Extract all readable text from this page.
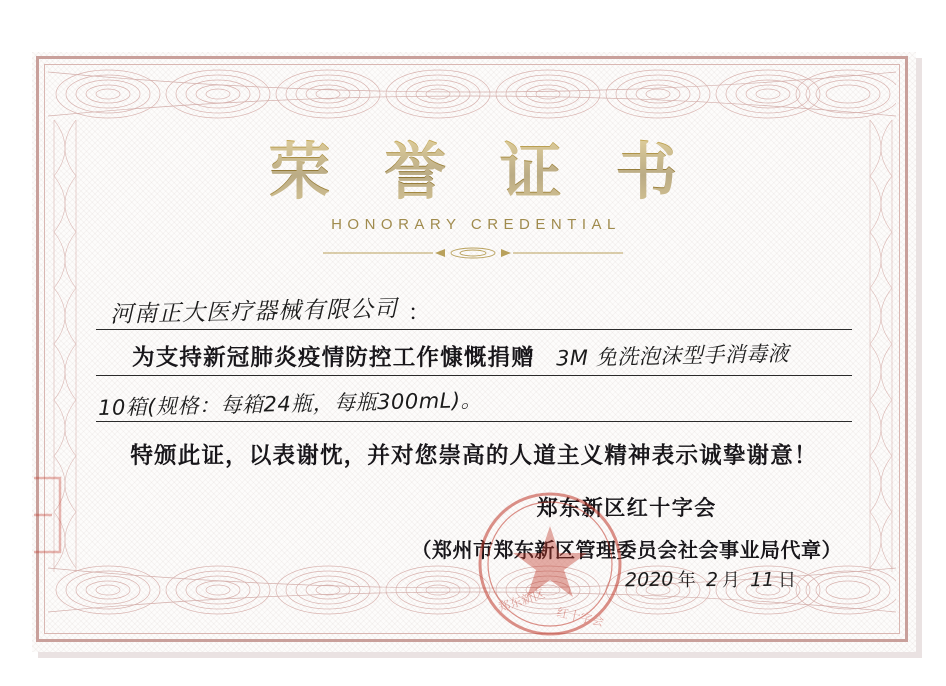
荣 誉 证 书
HONORARY CREDENTIAL
河南正大医疗器械有限公司 ：
为支持新冠肺炎疫情防控工作慷慨捐赠 3M 免洗泡沫型手消毒液
10箱(规格：每箱24瓶，每瓶300mL)。
特颁此证，以表谢忱，并对您崇高的人道主义精神表示诚挚谢意！
郑东新区红十字会
（郑州市郑东新区管理委员会社会事业局代章）
2020 年 2 月 11 日
郑东新区
红十字会
